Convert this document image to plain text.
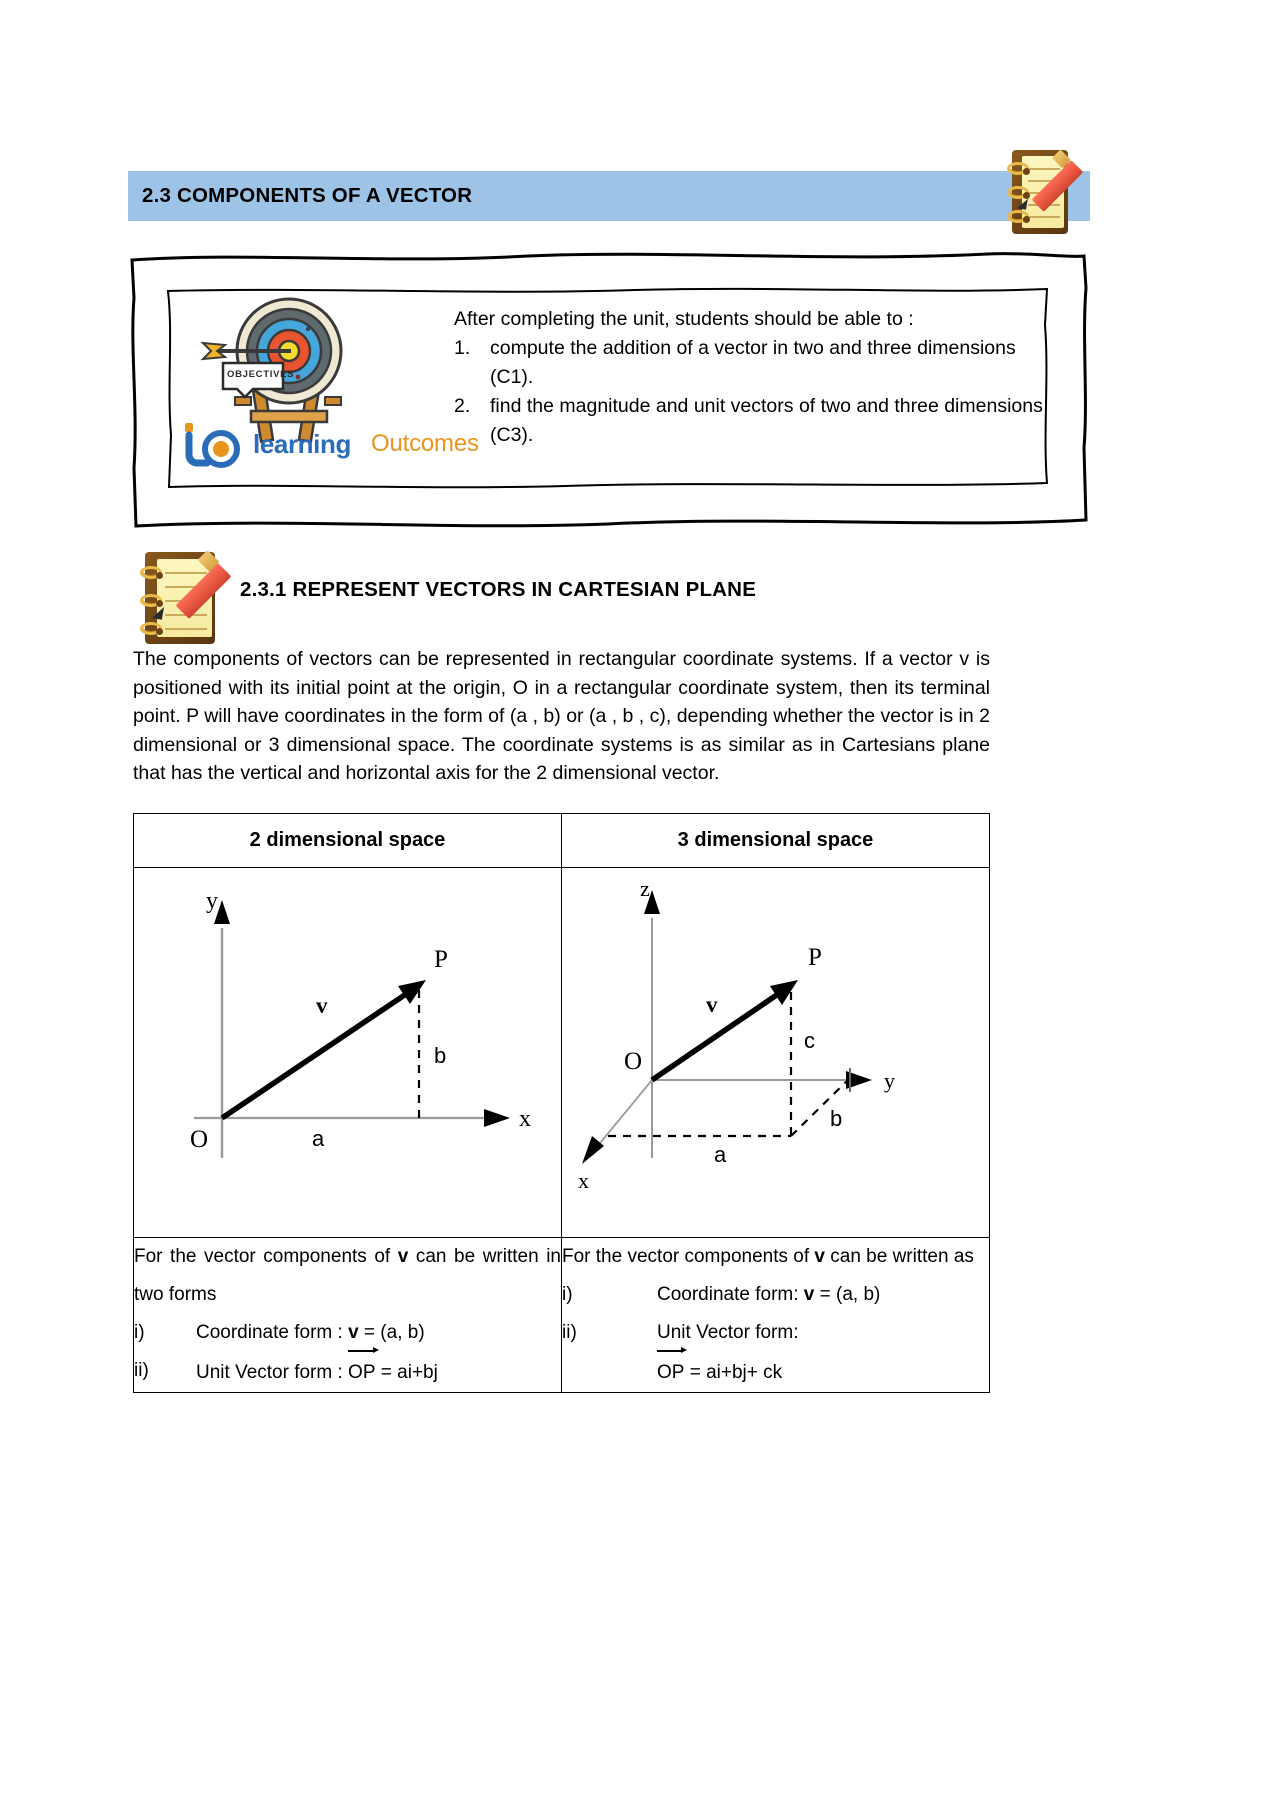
2.3 COMPONENTS OF A VECTOR
OBJECTIVES
learning Outcomes
After completing the unit, students should be able to :
1. compute the addition of a vector in two and three dimensions (C1).
2. find the magnitude and unit vectors of two and three dimensions (C3).
2.3.1 REPRESENT VECTORS IN CARTESIAN PLANE
The components of vectors can be represented in rectangular coordinate systems. If a vector v is positioned with its initial point at the origin, O in a rectangular coordinate system, then its terminal point. P will have coordinates in the form of (a , b) or (a , b , c), depending whether the vector is in 2 dimensional or 3 dimensional space. The coordinate systems is as similar as in Cartesians plane that has the vertical and horizontal axis for the 2 dimensional vector.
2 dimensional space	3 dimensional space

y
x
O
P
v
a
b

z
y
x
O
P
v
a
b
c

For the vector components of v can be written in two forms

i)	Coordinate form : v = (a, b)
ii)	Unit Vector form :
OP = ai+bj

For the vector components of v can be written as

i)	Coordinate form: v = (a, b)
ii)	Unit Vector form:
OP = ai+bj+ ck
